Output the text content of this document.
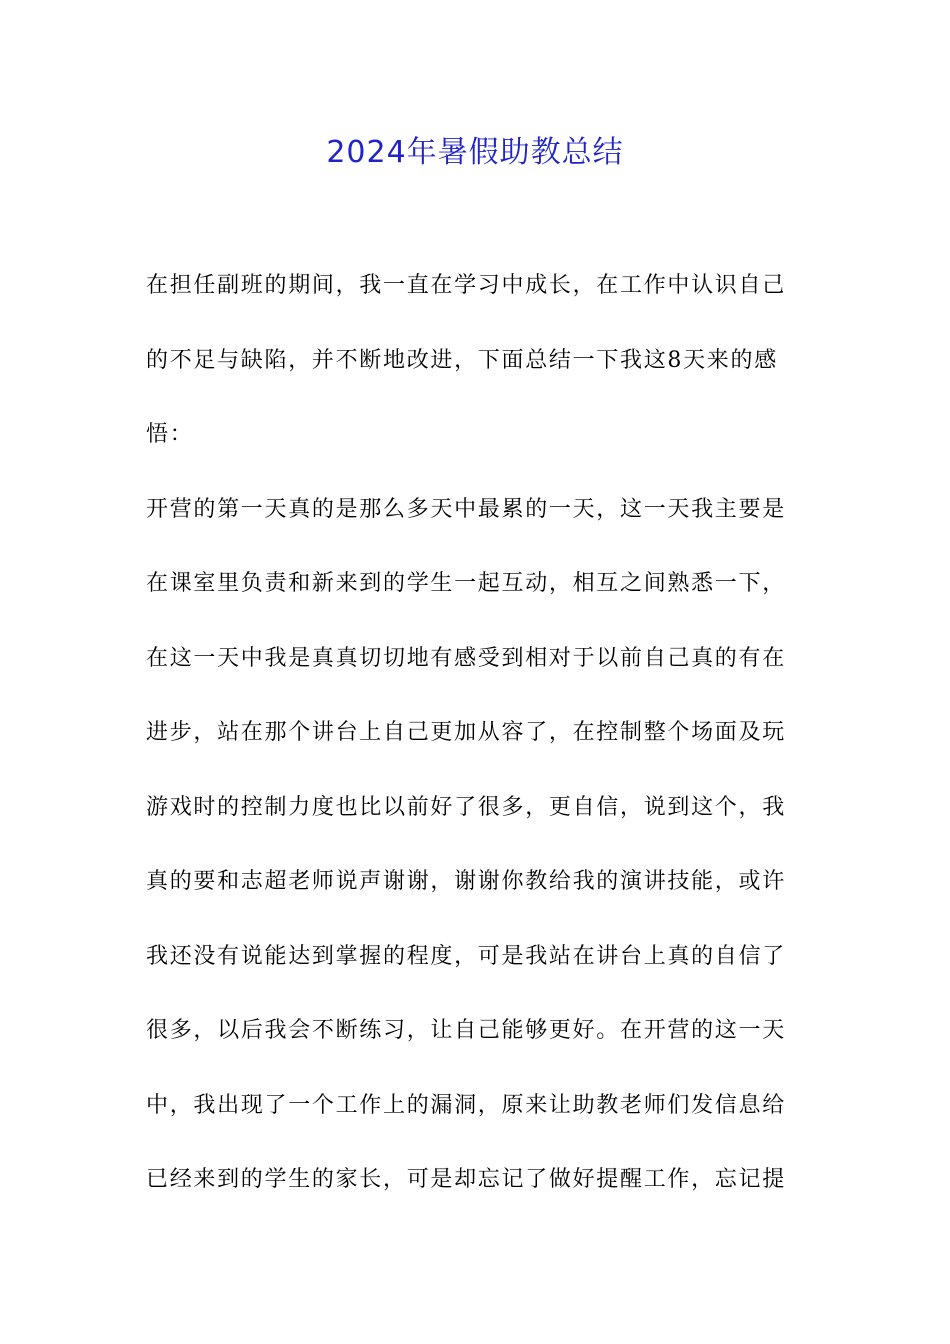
2024年暑假助教总结
在担任副班的期间，我一直在学习中成长，在工作中认识自己
的不足与缺陷，并不断地改进，下面总结一下我这8天来的感
悟：
开营的第一天真的是那么多天中最累的一天，这一天我主要是
在课室里负责和新来到的学生一起互动，相互之间熟悉一下，
在这一天中我是真真切切地有感受到相对于以前自己真的有在
进步，站在那个讲台上自己更加从容了，在控制整个场面及玩
游戏时的控制力度也比以前好了很多，更自信，说到这个，我
真的要和志超老师说声谢谢，谢谢你教给我的演讲技能，或许
我还没有说能达到掌握的程度，可是我站在讲台上真的自信了
很多，以后我会不断练习，让自己能够更好。在开营的这一天
中，我出现了一个工作上的漏洞，原来让助教老师们发信息给
已经来到的学生的家长，可是却忘记了做好提醒工作，忘记提
